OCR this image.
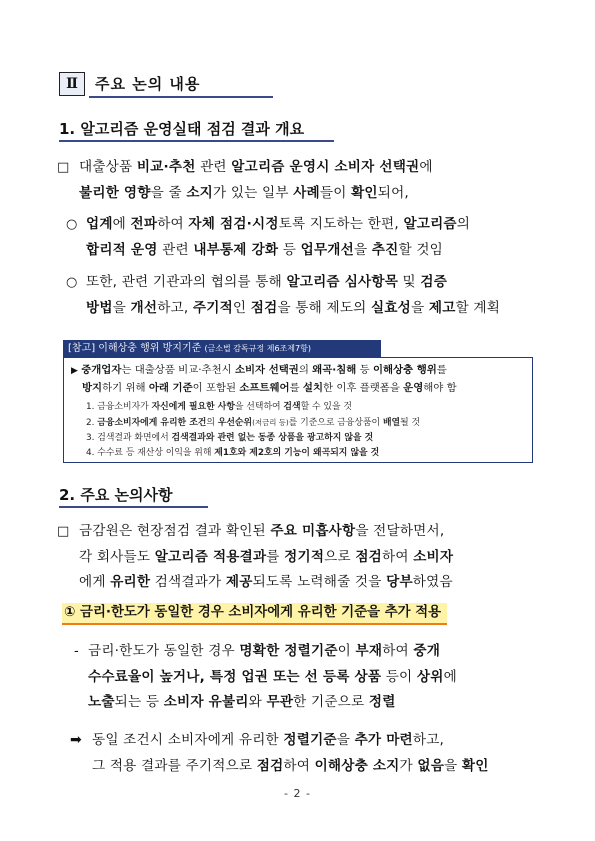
Ⅱ	주요 논의 내용
1. 알고리즘 운영실태 점검 결과 개요
□ 대출상품 비교·추천 관련 알고리즘 운영시 소비자 선택권에
불리한 영향을 줄 소지가 있는 일부 사례들이 확인되어,
○ 업계에 전파하여 자체 점검·시정토록 지도하는 한편, 알고리즘의
합리적 운영 관련 내부통제 강화 등 업무개선을 추진할 것임
○ 또한, 관련 기관과의 협의를 통해 알고리즘 심사항목 및 검증
방법을 개선하고, 주기적인 점검을 통해 제도의 실효성을 제고할 계획
[참고] 이해상충 행위 방지기준 (금소법 감독규정 제6조제7항)
▶ 중개업자는 대출상품 비교·추천시 소비자 선택권의 왜곡·침해 등 이해상충 행위를
방지하기 위해 아래 기준이 포함된 소프트웨어를 설치한 이후 플랫폼을 운영해야 함
1. 금융소비자가 자신에게 필요한 사항을 선택하여 검색할 수 있을 것
2. 금융소비자에게 유리한 조건의 우선순위(저금리 등)를 기준으로 금융상품이 배열될 것
3. 검색결과 화면에서 검색결과와 관련 없는 동종 상품을 광고하지 않을 것
4. 수수료 등 재산상 이익을 위해 제1호와 제2호의 기능이 왜곡되지 않을 것
2. 주요 논의사항
□ 금감원은 현장점검 결과 확인된 주요 미흡사항을 전달하면서,
각 회사들도 알고리즘 적용결과를 정기적으로 점검하여 소비자
에게 유리한 검색결과가 제공되도록 노력해줄 것을 당부하였음
① 금리·한도가 동일한 경우 소비자에게 유리한 기준을 추가 적용
- 금리·한도가 동일한 경우 명확한 정렬기준이 부재하여 중개
수수료율이 높거나, 특정 업권 또는 선 등록 상품 등이 상위에
노출되는 등 소비자 유불리와 무관한 기준으로 정렬
➡ 동일 조건시 소비자에게 유리한 정렬기준을 추가 마련하고,
그 적용 결과를 주기적으로 점검하여 이해상충 소지가 없음을 확인
- 2 -
